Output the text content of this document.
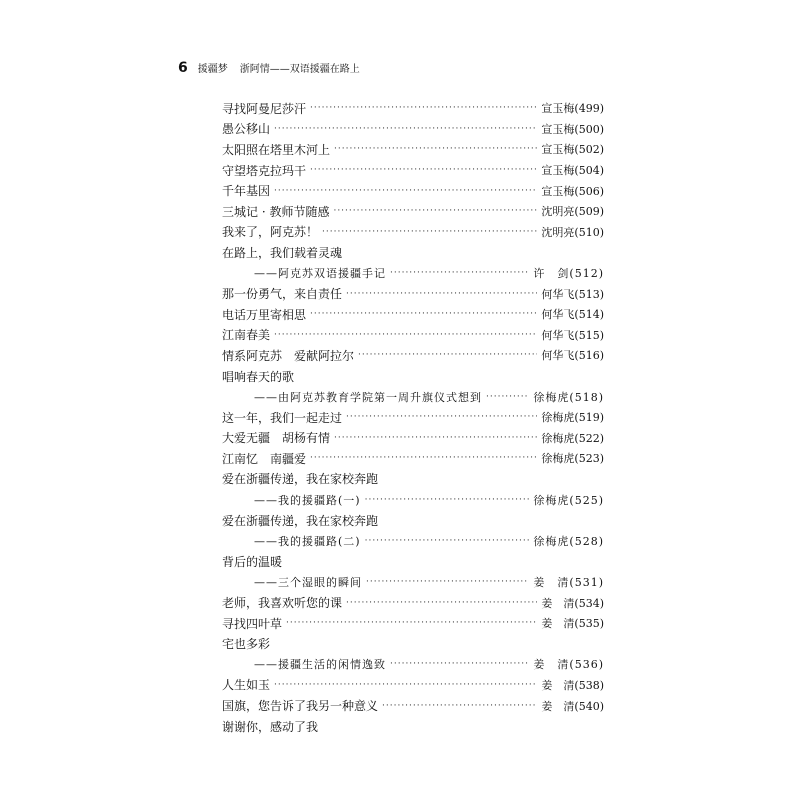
6 援疆梦 浙阿情——双语援疆在路上
寻找阿曼尼莎汗 ·····	宣玉梅(499)
愚公移山 ·····	宣玉梅(500)
太阳照在塔里木河上 ·····	宣玉梅(502)
守望塔克拉玛干 ·····	宣玉梅(504)
千年基因 ·····	宣玉梅(506)
三城记 · 教师节随感 ·····	沈明亮(509)
我来了，阿克苏！ ·····	沈明亮(510)
在路上，我们载着灵魂
——阿克苏双语援疆手记 ·····	许　剑(512)
那一份勇气，来自责任 ·····	何华飞(513)
电话万里寄相思 ·····	何华飞(514)
江南春美 ·····	何华飞(515)
情系阿克苏　爱献阿拉尔 ·····	何华飞(516)
唱响春天的歌
——由阿克苏教育学院第一周升旗仪式想到 ·····	徐梅虎(518)
这一年，我们一起走过 ·····	徐梅虎(519)
大爱无疆　胡杨有情 ·····	徐梅虎(522)
江南忆　南疆爱 ·····	徐梅虎(523)
爱在浙疆传递，我在家校奔跑
——我的援疆路(一) ·····	徐梅虎(525)
爱在浙疆传递，我在家校奔跑
——我的援疆路(二) ·····	徐梅虎(528)
背后的温暖
——三个湿眼的瞬间 ·····	姜　清(531)
老师，我喜欢听您的课 ·····	姜　清(534)
寻找四叶草 ·····	姜　清(535)
宅也多彩
——援疆生活的闲情逸致 ·····	姜　清(536)
人生如玉 ·····	姜　清(538)
国旗，您告诉了我另一种意义 ·····	姜　清(540)
谢谢你，感动了我
